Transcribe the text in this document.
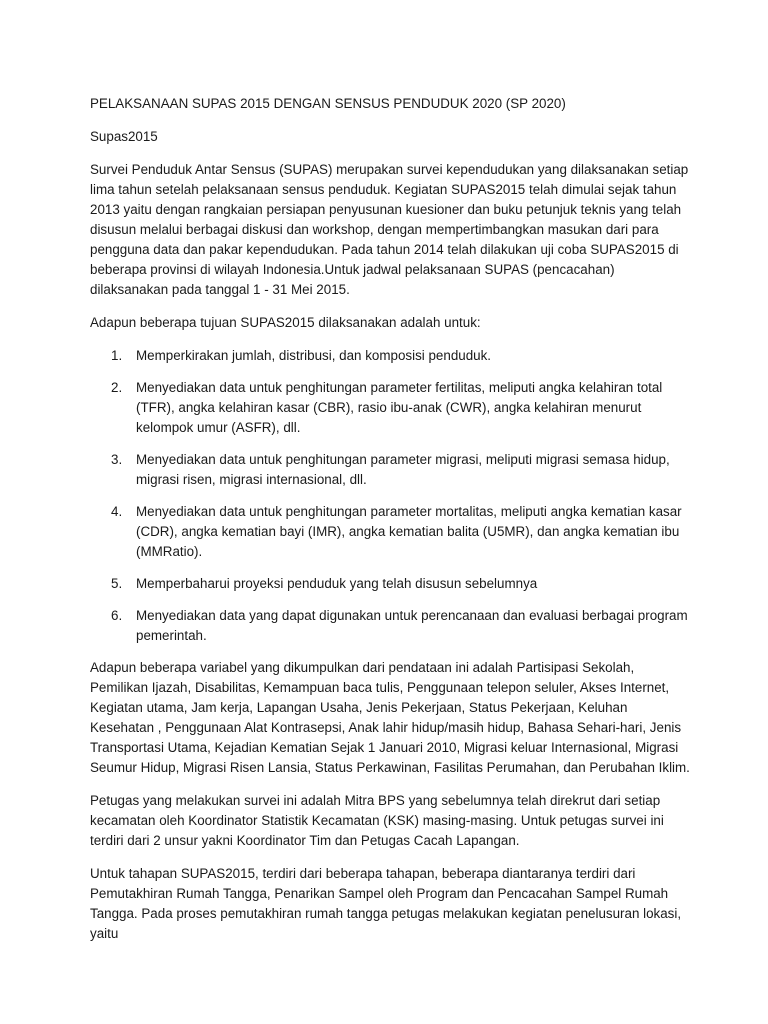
PELAKSANAAN SUPAS 2015 DENGAN SENSUS PENDUDUK 2020 (SP 2020)

Supas2015

Survei Penduduk Antar Sensus (SUPAS) merupakan survei kependudukan yang dilaksanakan setiap lima tahun setelah pelaksanaan sensus penduduk. Kegiatan SUPAS2015 telah dimulai sejak tahun 2013 yaitu dengan rangkaian persiapan penyusunan kuesioner dan buku petunjuk teknis yang telah disusun melalui berbagai diskusi dan workshop, dengan mempertimbangkan masukan dari para pengguna data dan pakar kependudukan. Pada tahun 2014 telah dilakukan uji coba SUPAS2015 di beberapa provinsi di wilayah Indonesia.Untuk jadwal pelaksanaan SUPAS (pencacahan) dilaksanakan pada tanggal 1 - 31 Mei 2015.

Adapun beberapa tujuan SUPAS2015 dilaksanakan adalah untuk:

1. Memperkirakan jumlah, distribusi, dan komposisi penduduk.
2. Menyediakan data untuk penghitungan parameter fertilitas, meliputi angka kelahiran total (TFR), angka kelahiran kasar (CBR), rasio ibu-anak (CWR), angka kelahiran menurut kelompok umur (ASFR), dll.
3. Menyediakan data untuk penghitungan parameter migrasi, meliputi migrasi semasa hidup, migrasi risen, migrasi internasional, dll.
4. Menyediakan data untuk penghitungan parameter mortalitas, meliputi angka kematian kasar (CDR), angka kematian bayi (IMR), angka kematian balita (U5MR), dan angka kematian ibu (MMRatio).
5. Memperbaharui proyeksi penduduk yang telah disusun sebelumnya
6. Menyediakan data yang dapat digunakan untuk perencanaan dan evaluasi berbagai program pemerintah.

Adapun beberapa variabel yang dikumpulkan dari pendataan ini adalah Partisipasi Sekolah, Pemilikan Ijazah, Disabilitas, Kemampuan baca tulis, Penggunaan telepon seluler, Akses Internet, Kegiatan utama, Jam kerja, Lapangan Usaha, Jenis Pekerjaan, Status Pekerjaan, Keluhan Kesehatan , Penggunaan Alat Kontrasepsi, Anak lahir hidup/masih hidup, Bahasa Sehari-hari, Jenis Transportasi Utama, Kejadian Kematian Sejak 1 Januari 2010, Migrasi keluar Internasional, Migrasi Seumur Hidup, Migrasi Risen Lansia, Status Perkawinan, Fasilitas Perumahan, dan Perubahan Iklim.

Petugas yang melakukan survei ini adalah Mitra BPS yang sebelumnya telah direkrut dari setiap kecamatan oleh Koordinator Statistik Kecamatan (KSK) masing-masing. Untuk petugas survei ini terdiri dari 2 unsur yakni Koordinator Tim dan Petugas Cacah Lapangan.

Untuk tahapan SUPAS2015, terdiri dari beberapa tahapan, beberapa diantaranya terdiri dari Pemutakhiran Rumah Tangga, Penarikan Sampel oleh Program dan Pencacahan Sampel Rumah Tangga. Pada proses pemutakhiran rumah tangga petugas melakukan kegiatan penelusuran lokasi, yaitu
